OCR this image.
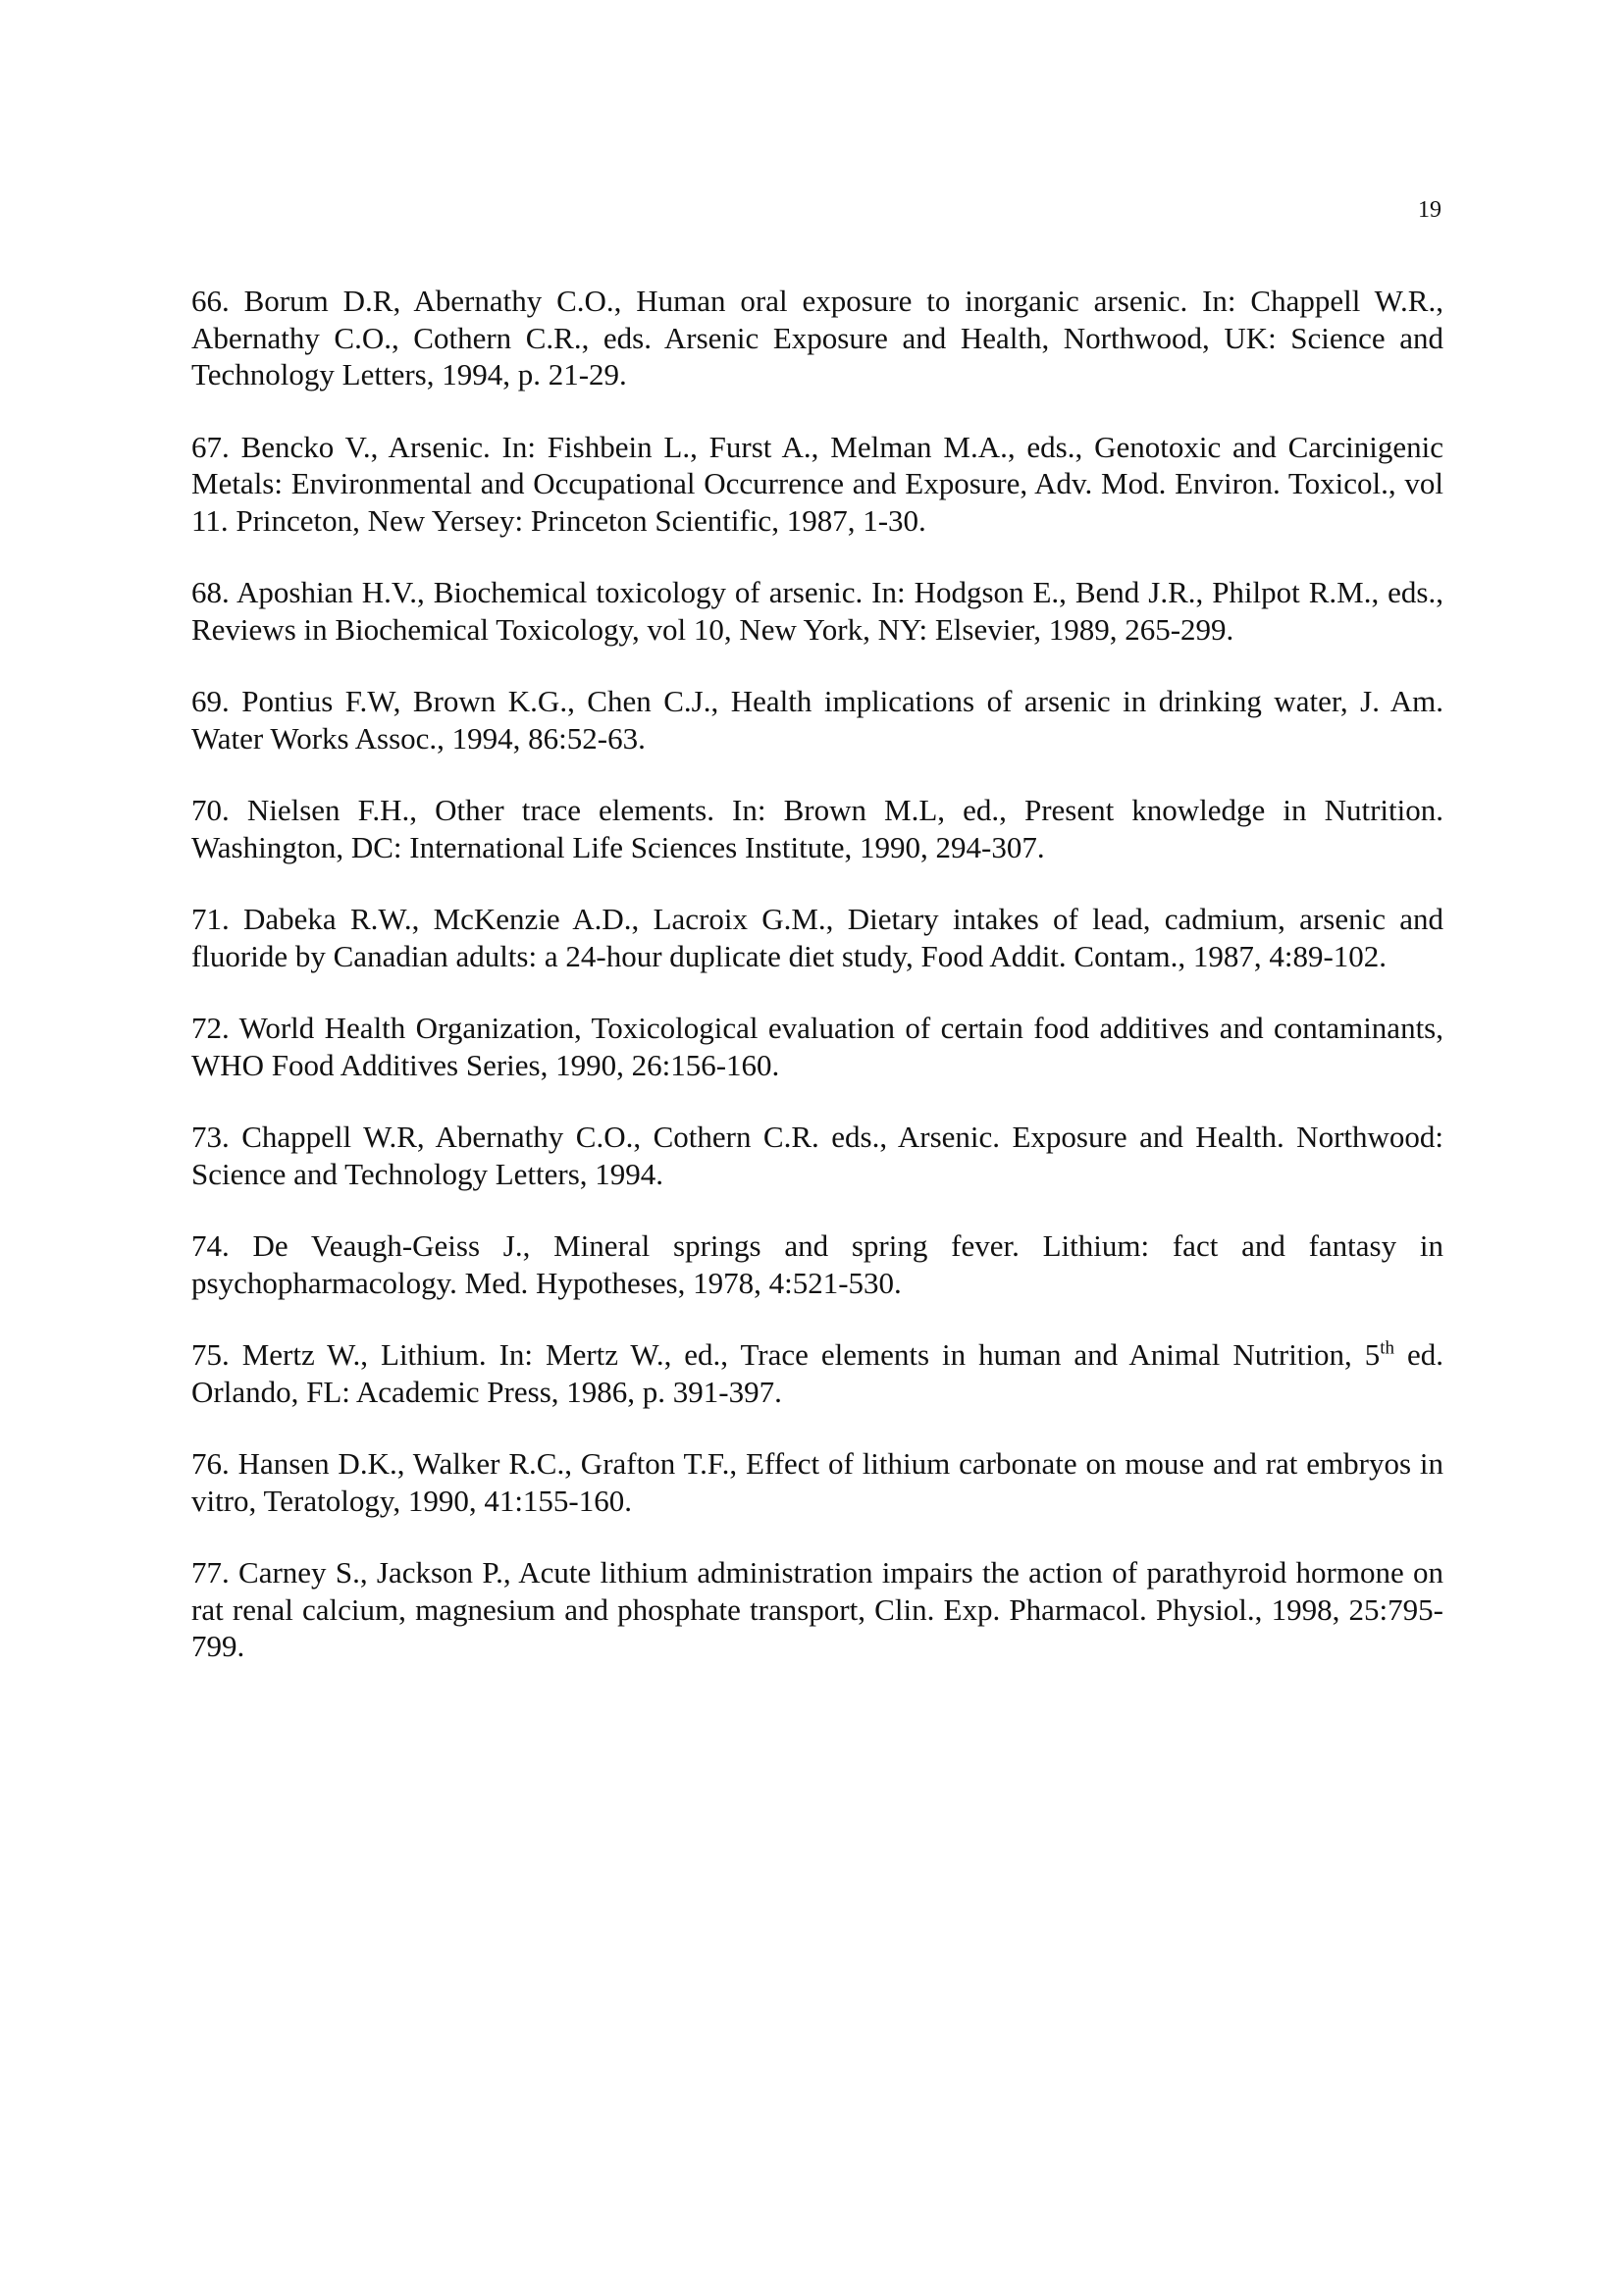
19

66. Borum D.R, Abernathy C.O., Human oral exposure to inorganic arsenic. In: Chappell W.R., Abernathy C.O., Cothern C.R., eds. Arsenic Exposure and Health, Northwood, UK: Science and Technology Letters, 1994, p. 21-29.

67. Bencko V., Arsenic. In: Fishbein L., Furst A., Melman M.A., eds., Genotoxic and Carcinigenic Metals: Environmental and Occupational Occurrence and Exposure, Adv. Mod. Environ. Toxicol., vol 11. Princeton, New Yersey: Princeton Scientific, 1987, 1-30.

68. Aposhian H.V., Biochemical toxicology of arsenic. In: Hodgson E., Bend J.R., Philpot R.M., eds., Reviews in Biochemical Toxicology, vol 10, New York, NY: Elsevier, 1989, 265-299.

69. Pontius F.W, Brown K.G., Chen C.J., Health implications of arsenic in drinking water, J. Am. Water Works Assoc., 1994, 86:52-63.

70. Nielsen F.H., Other trace elements. In: Brown M.L, ed., Present knowledge in Nutrition. Washington, DC: International Life Sciences Institute, 1990, 294-307.

71. Dabeka R.W., McKenzie A.D., Lacroix G.M., Dietary intakes of lead, cadmium, arsenic and fluoride by Canadian adults: a 24-hour duplicate diet study, Food Addit. Contam., 1987, 4:89-102.

72. World Health Organization, Toxicological evaluation of certain food additives and contaminants, WHO Food Additives Series, 1990, 26:156-160.

73. Chappell W.R, Abernathy C.O., Cothern C.R. eds., Arsenic. Exposure and Health. Northwood: Science and Technology Letters, 1994.

74. De Veaugh-Geiss J., Mineral springs and spring fever. Lithium: fact and fantasy in psychopharmacology. Med. Hypotheses, 1978, 4:521-530.

75. Mertz W., Lithium. In: Mertz W., ed., Trace elements in human and Animal Nutrition, 5th ed. Orlando, FL: Academic Press, 1986, p. 391-397.

76. Hansen D.K., Walker R.C., Grafton T.F., Effect of lithium carbonate on mouse and rat embryos in vitro, Teratology, 1990, 41:155-160.

77. Carney S., Jackson P., Acute lithium administration impairs the action of parathyroid hormone on rat renal calcium, magnesium and phosphate transport, Clin. Exp. Pharmacol. Physiol., 1998, 25:795-799.
